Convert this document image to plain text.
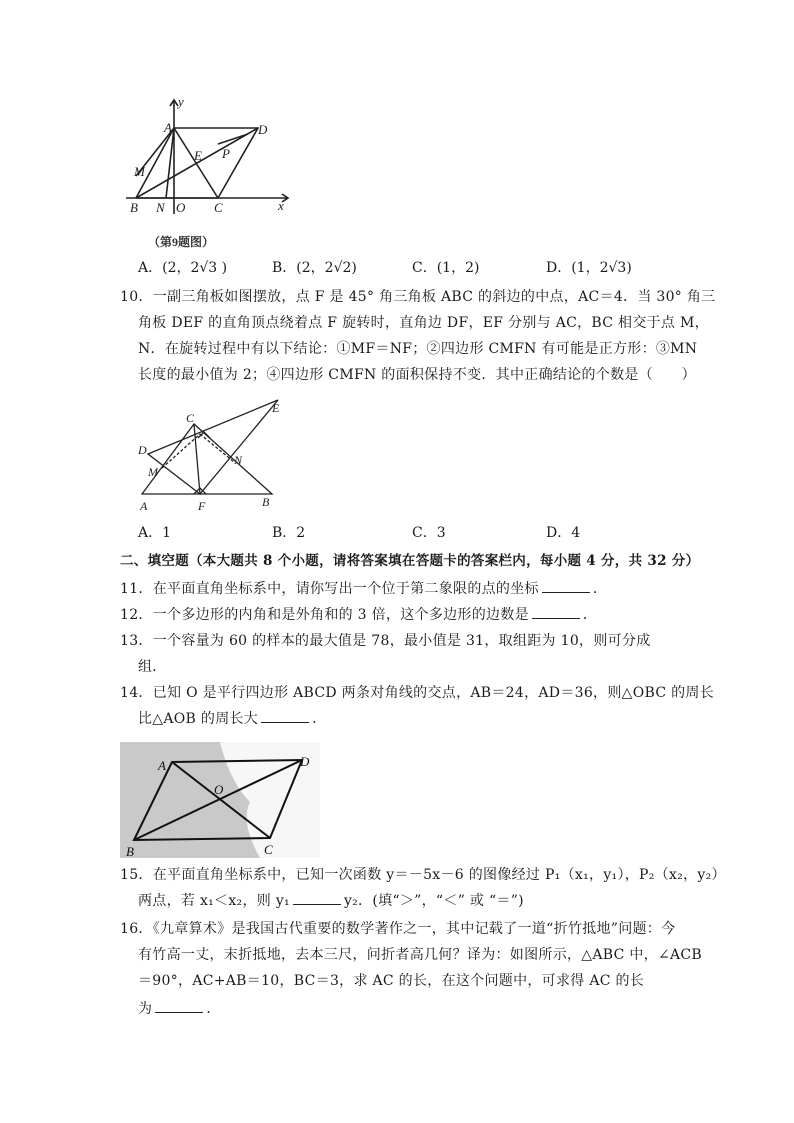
y
x
A	D
E P
M
B N O C
（第9题图）
A．(2，2√3 )	B．(2，2√2)	C．(1，2)	D．(1，2√3)
10．一副三角板如图摆放，点 F 是 45° 角三角板 ABC 的斜边的中点，AC＝4．当 30° 角三
角板 DEF 的直角顶点绕着点 F 旋转时，直角边 DF，EF 分别与 AC，BC 相交于点 M，
N．在旋转过程中有以下结论：①MF＝NF；②四边形 CMFN 有可能是正方形：③MN
长度的最小值为 2；④四边形 CMFN 的面积保持不变．其中正确结论的个数是（　　）
C
E
D
M
N
A	F	B
A．1	B．2	C．3	D．4
二、填空题（本大题共 8 个小题，请将答案填在答题卡的答案栏内，每小题 4 分，共 32 分）
11．在平面直角坐标系中，请你写出一个位于第二象限的点的坐标	．
12．一个多边形的内角和是外角和的 3 倍，这个多边形的边数是	．
13．一个容量为 60 的样本的最大值是 78，最小值是 31，取组距为 10，则可分成
组．
14．已知 O 是平行四边形 ABCD 两条对角线的交点，AB＝24，AD＝36，则△OBC 的周长
比△AOB 的周长大	．
A	D
O
B	C
15．在平面直角坐标系中，已知一次函数 y＝－5x－6 的图像经过 P₁（x₁，y₁），P₂（x₂，y₂）
两点，若 x₁＜x₂，则 y₁	y₂．(填“＞”，“＜” 或 “＝”)
16．《九章算术》是我国古代重要的数学著作之一，其中记载了一道“折竹抵地”问题：今
有竹高一丈，末折抵地，去本三尺，问折者高几何？译为：如图所示，△ABC 中，∠ACB
＝90°，AC+AB＝10，BC＝3，求 AC 的长，在这个问题中，可求得 AC 的长
为	．
